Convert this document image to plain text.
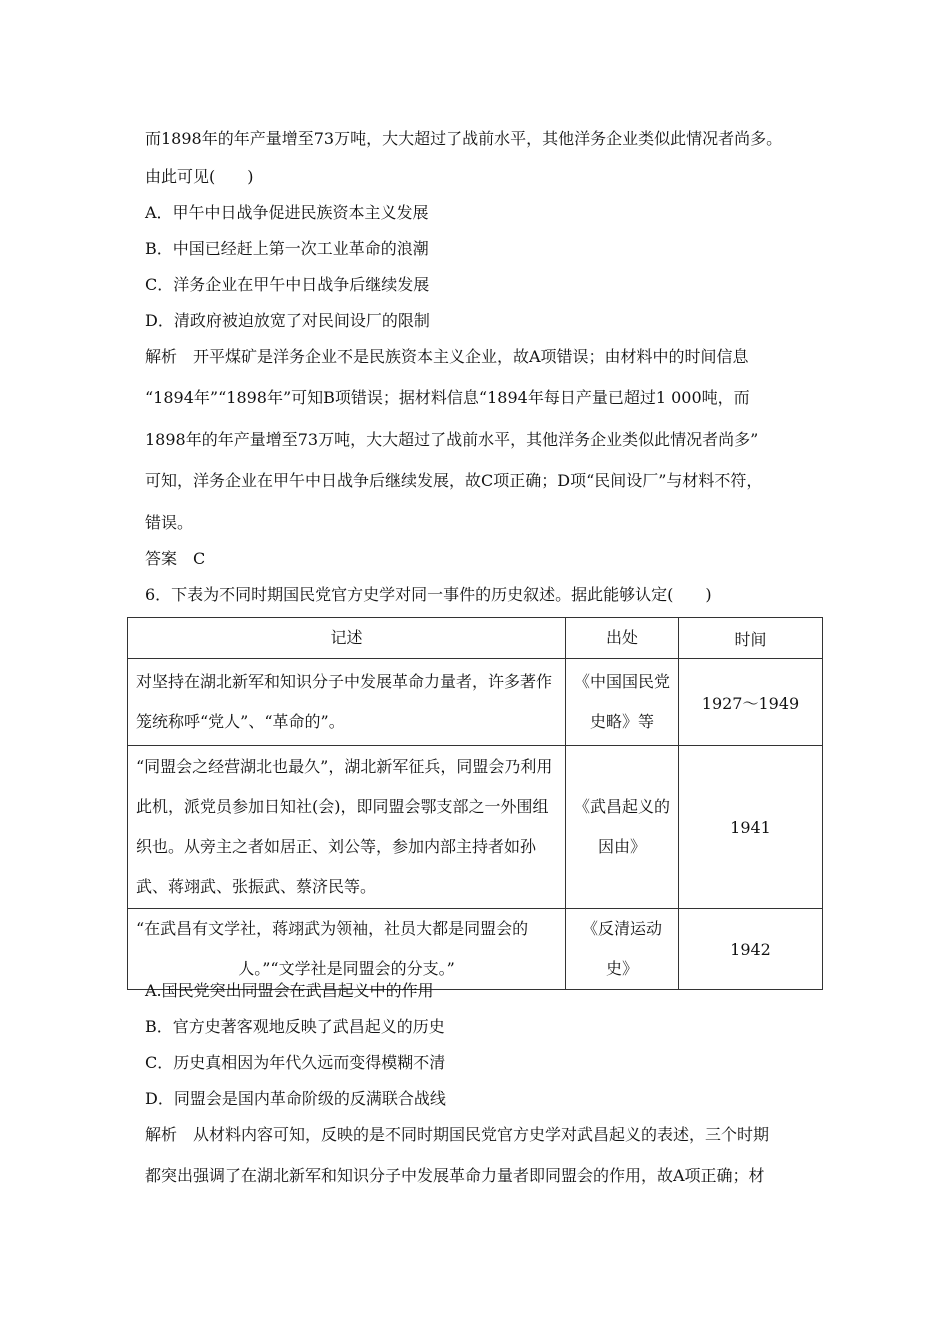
而1898年的年产量增至73万吨，大大超过了战前水平，其他洋务企业类似此情况者尚多。
由此可见(　　)
A．甲午中日战争促进民族资本主义发展
B．中国已经赶上第一次工业革命的浪潮
C．洋务企业在甲午中日战争后继续发展
D．清政府被迫放宽了对民间设厂的限制
解析　开平煤矿是洋务企业不是民族资本主义企业，故A项错误；由材料中的时间信息
“1894年”“1898年”可知B项错误；据材料信息“1894年每日产量已超过1 000吨，而
1898年的年产量增至73万吨，大大超过了战前水平，其他洋务企业类似此情况者尚多”
可知，洋务企业在甲午中日战争后继续发展，故C项正确；D项“民间设厂”与材料不符，
错误。
答案　C
6．下表为不同时期国民党官方史学对同一事件的历史叙述。据此能够认定(　　)
记述	出处	时间
对坚持在湖北新军和知识分子中发展革命力量者，许多著作笼统称呼“党人”、“革命的”。	《中国国民党史略》等	1927～1949
“同盟会之经营湖北也最久”，湖北新军征兵，同盟会乃利用此机，派党员参加日知社(会)，即同盟会鄂支部之一外围组织也。从旁主之者如居正、刘公等，参加内部主持者如孙武、蒋翊武、张振武、蔡济民等。	《武昌起义的因由》	1941

“在武昌有文学社，蒋翊武为领袖，社员大都是同盟会的
人。”“文学社是同盟会的分支。”	《反清运动史》	1942
A.国民党突出同盟会在武昌起义中的作用
B．官方史著客观地反映了武昌起义的历史
C．历史真相因为年代久远而变得模糊不清
D．同盟会是国内革命阶级的反满联合战线
解析　从材料内容可知，反映的是不同时期国民党官方史学对武昌起义的表述，三个时期
都突出强调了在湖北新军和知识分子中发展革命力量者即同盟会的作用，故A项正确；材
